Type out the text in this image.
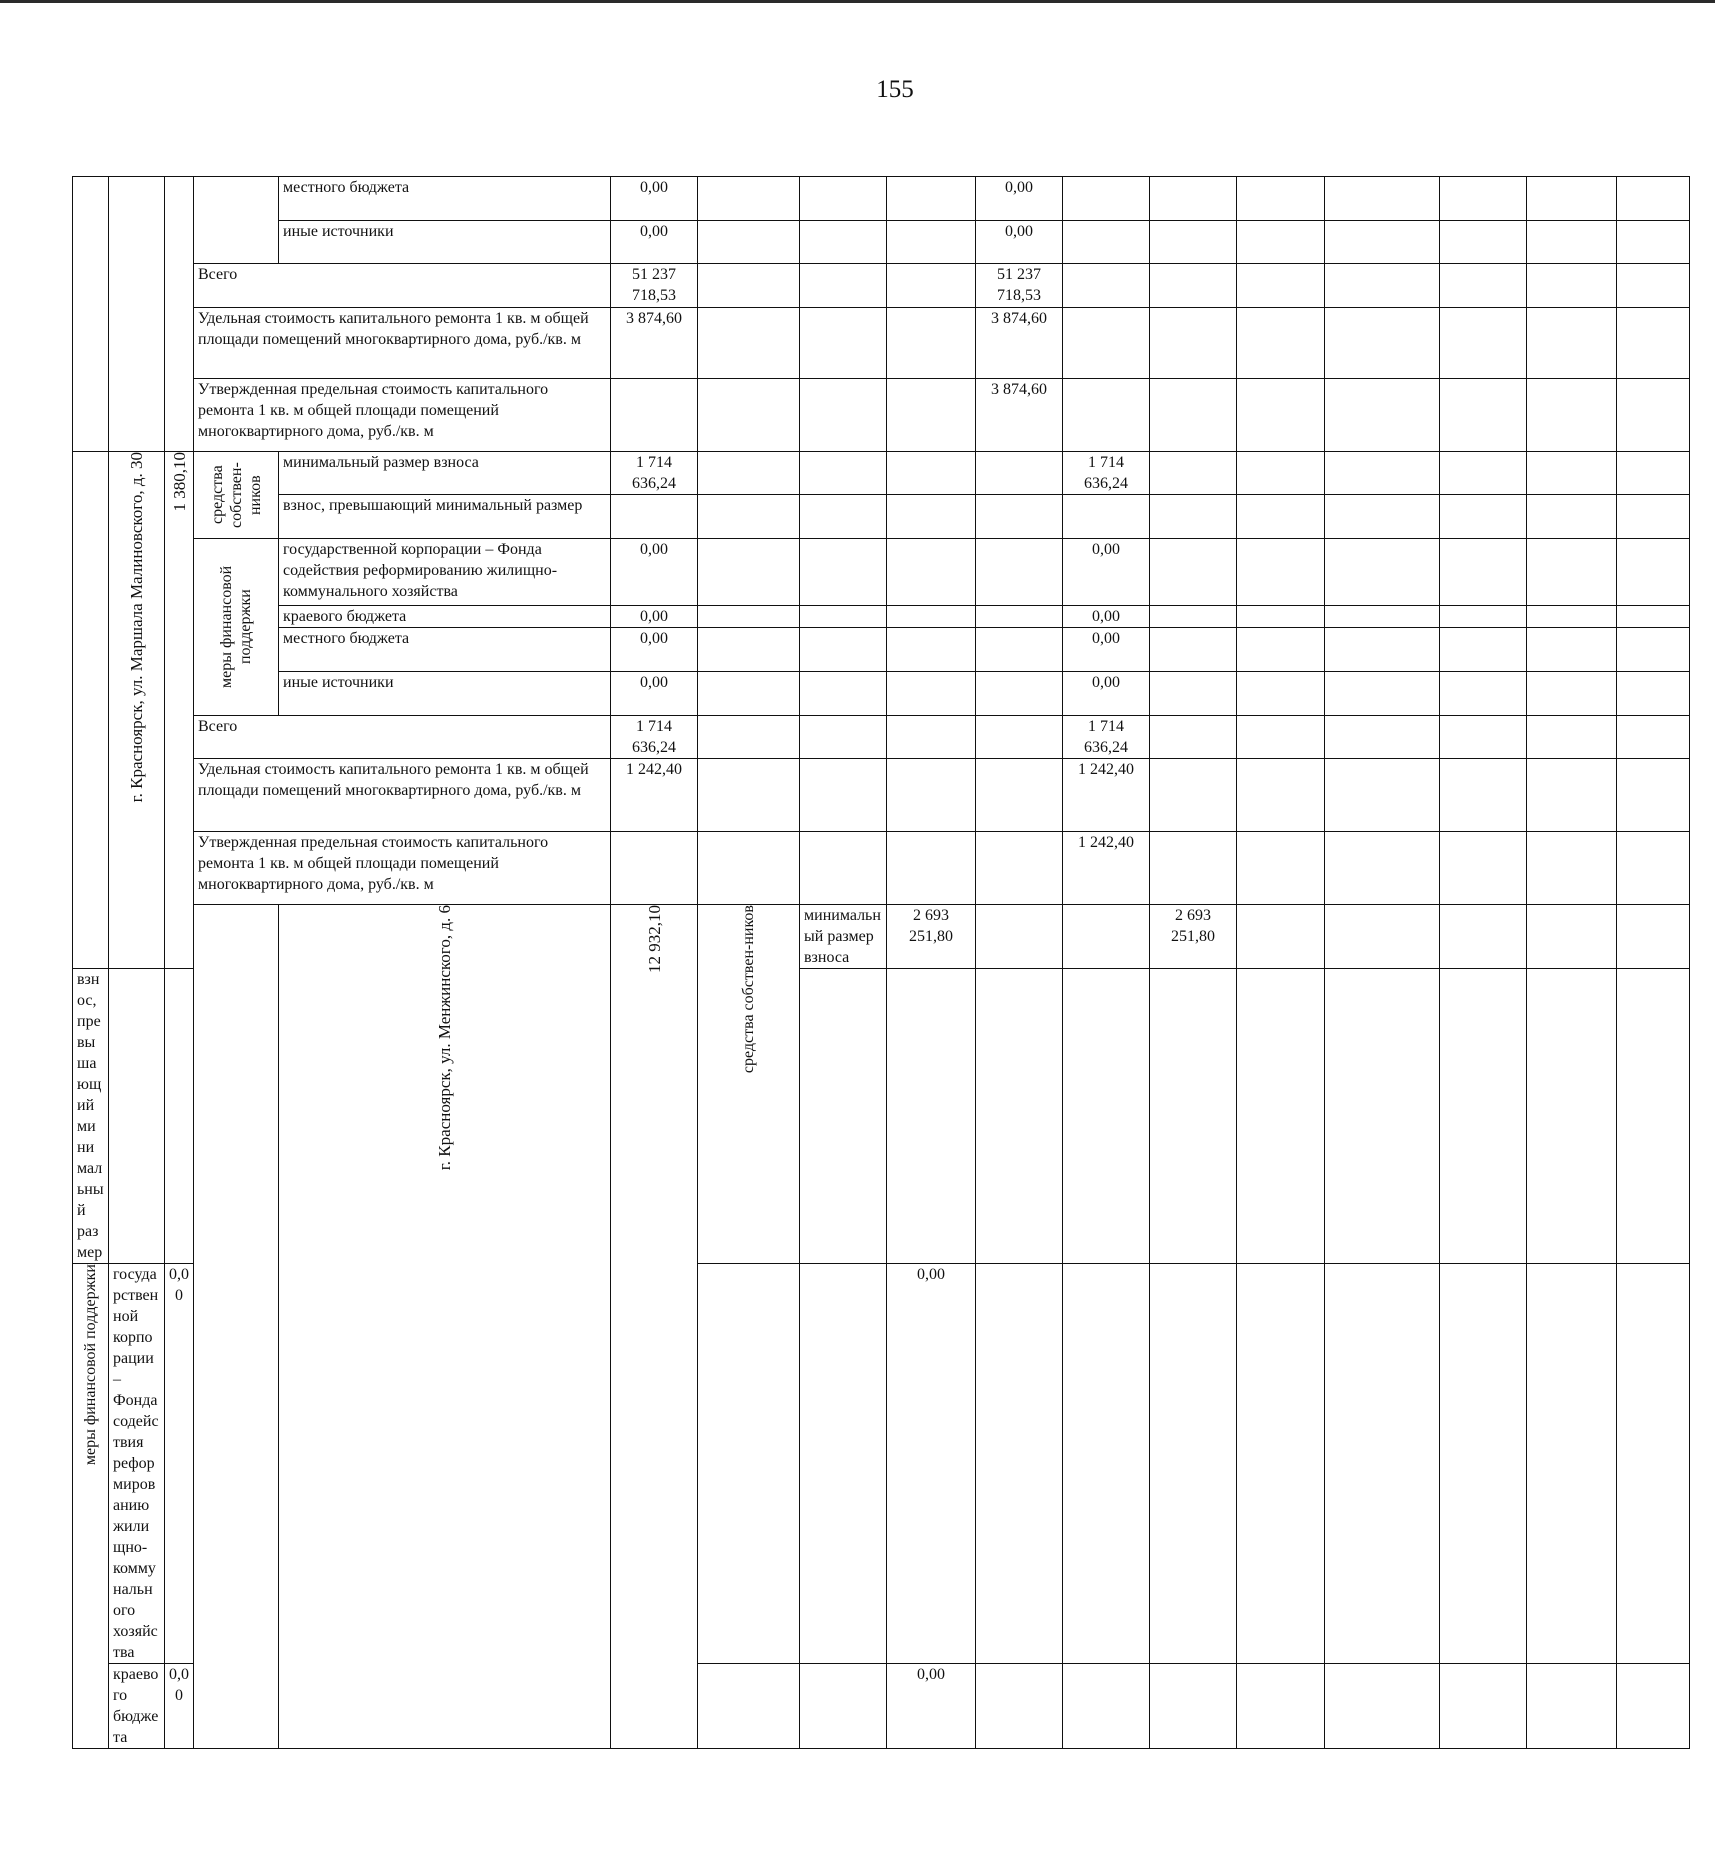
155
				местного бюджета	0,00				0,00								
				иные источники	0,00				0,00								
			Всего		51 237 718,53				51 237 718,53								
			Удельная стоимость капитального ремонта 1 кв. м общей площади помещений многоквартирного дома, руб./кв. м		3 874,60				3 874,60								
			Утвержденная предельная стоимость капитального ремонта 1 кв. м общей площади помещений многоквартирного дома, руб./кв. м						3 874,60								

	г. Красноярск, ул. Маршала Малиновского, д. 30	1 380,10	средства собствен-ников	минимальный размер взноса	1 714 636,24					1 714 636,24							
				взнос, превышающий минимальный размер													

			меры финансовой поддержки	государственной корпорации – Фонда содействия реформированию жилищно-коммунального хозяйства	0,00					0,00							
				краевого бюджета	0,00					0,00							
				местного бюджета	0,00					0,00							
				иные источники	0,00					0,00							
			Всего		1 714 636,24					1 714 636,24							
			Удельная стоимость капитального ремонта 1 кв. м общей площади помещений многоквартирного дома, руб./кв. м		1 242,40					1 242,40							
			Утвержденная предельная стоимость капитального ремонта 1 кв. м общей площади помещений многоквартирного дома, руб./кв. м							1 242,40							

				г. Красноярск, ул. Менжинского, д. 6	12 932,10	средства собствен-ников	минимальный размер взноса	2 693 251,80			2 693 251,80								
взнос, превышающий минимальный размер																	

меры финансовой поддержки	государственной корпорации – Фонда содействия реформированию жилищно-коммунального хозяйства	0,00						0,00									
	краевого бюджета	0,00						0,00									
